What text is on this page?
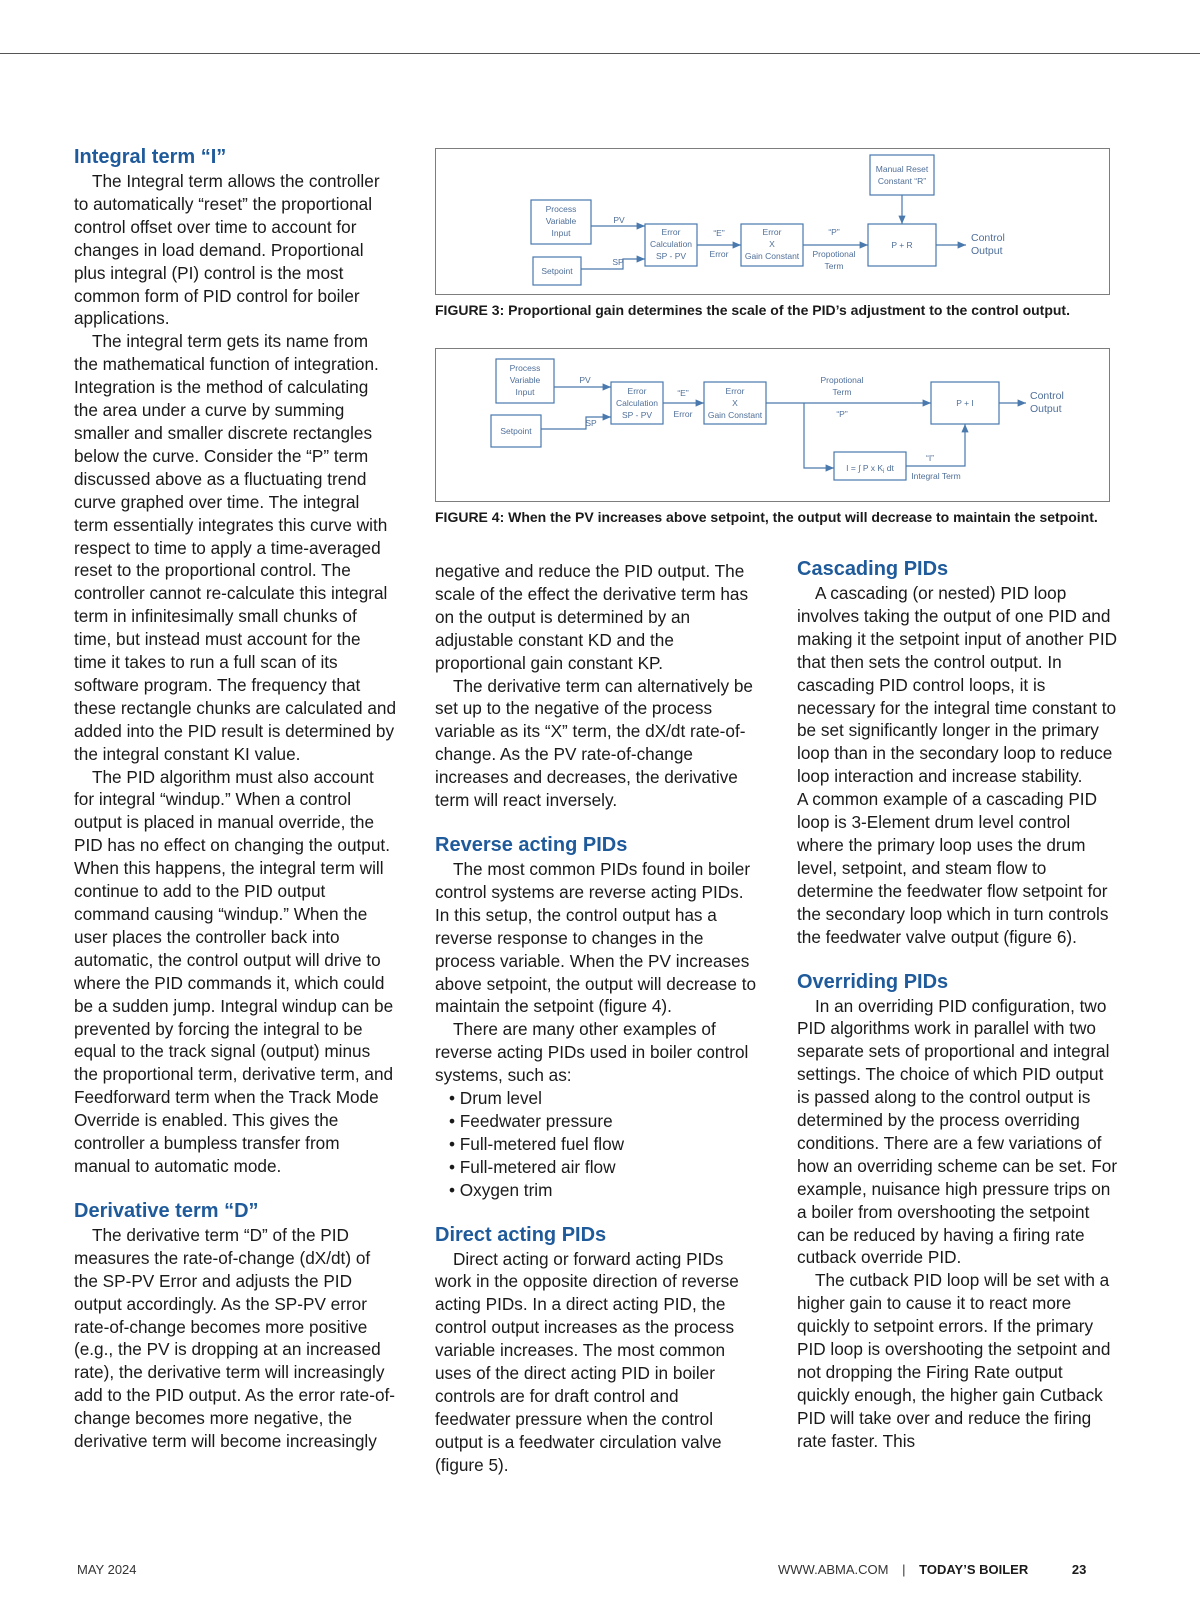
Integral term “I”

The Integral term allows the controller to automatically “reset” the proportional control offset over time to account for changes in load demand. Proportional plus integral (PI) control is the most common form of PID control for boiler applications.

The integral term gets its name from the mathematical function of integration. Integration is the method of calculating the area under a curve by summing smaller and smaller discrete rectangles below the curve. Consider the “P” term discussed above as a fluctuating trend curve graphed over time. The integral term essentially integrates this curve with respect to time to apply a time-averaged reset to the proportional control. The controller cannot re-calculate this integral term in infinitesimally small chunks of time, but instead must account for the time it takes to run a full scan of its software program. The frequency that these rectangle chunks are calculated and added into the PID result is determined by the integral constant KI value.

The PID algorithm must also account for integral “windup.” When a control output is placed in manual override, the PID has no effect on changing the output. When this happens, the integral term will continue to add to the PID output command causing “windup.” When the user places the controller back into automatic, the control output will drive to where the PID commands it, which could be a sudden jump. Integral windup can be prevented by forcing the integral to be equal to the track signal (output) minus the proportional term, derivative term, and Feedforward term when the Track Mode Override is enabled. This gives the controller a bumpless transfer from manual to automatic mode.

Derivative term “D”

The derivative term “D” of the PID measures the rate-of-change (dX/dt) of the SP-PV Error and adjusts the PID output accordingly. As the SP-PV error rate-of-change becomes more positive (e.g., the PV is dropping at an increased rate), the derivative term will increasingly add to the PID output. As the error rate-of-change becomes more negative, the derivative term will become increasingly

Process
Variable
Input
Setpoint
PV
SP
Error
Calculation
SP - PV
“E”
Error
Error
X
Gain Constant
“P”
Propotional
Term
P + R
Manual Reset
Constant “R”
Control
Output
FIGURE 3: Proportional gain determines the scale of the PID’s adjustment to the control output.
Process
Variable
Input
Setpoint
PV
SP
Error
Calculation
SP - PV
“E”
Error
Error
X
Gain Constant
Propotional
Term
“P”
P + I
I = ∫ P x $K_i$ dt
“I”
Integral Term
Control
Output
FIGURE 4: When the PV increases above setpoint, the output will decrease to maintain the setpoint.

negative and reduce the PID output. The scale of the effect the derivative term has on the output is determined by an adjustable constant KD and the proportional gain constant KP.

The derivative term can alternatively be set up to the negative of the process variable as its “X” term, the dX/dt rate-of-change. As the PV rate-of-change increases and decreases, the derivative term will react inversely.

Reverse acting PIDs

The most common PIDs found in boiler control systems are reverse acting PIDs. In this setup, the control output has a reverse response to changes in the process variable. When the PV increases above setpoint, the output will decrease to maintain the setpoint (figure 4).

There are many other examples of reverse acting PIDs used in boiler control systems, such as:

• Drum level
• Feedwater pressure
• Full-metered fuel flow
• Full-metered air flow
• Oxygen trim
Direct acting PIDs

Direct acting or forward acting PIDs work in the opposite direction of reverse acting PIDs. In a direct acting PID, the control output increases as the process variable increases. The most common uses of the direct acting PID in boiler controls are for draft control and feedwater pressure when the control output is a feedwater circulation valve (figure 5).

Cascading PIDs

A cascading (or nested) PID loop involves taking the output of one PID and making it the setpoint input of another PID that then sets the control output. In cascading PID control loops, it is necessary for the integral time constant to be set significantly longer in the primary loop than in the secondary loop to reduce loop interaction and increase stability.

A common example of a cascading PID loop is 3-Element drum level control where the primary loop uses the drum level, setpoint, and steam flow to determine the feedwater flow setpoint for the secondary loop which in turn controls the feedwater valve output (figure 6).

Overriding PIDs

In an overriding PID configuration, two PID algorithms work in parallel with two separate sets of proportional and integral settings. The choice of which PID output is passed along to the control output is determined by the process overriding conditions. There are a few variations of how an overriding scheme can be set. For example, nuisance high pressure trips on a boiler from overshooting the setpoint can be reduced by having a firing rate cutback override PID.

The cutback PID loop will be set with a higher gain to cause it to react more quickly to setpoint errors. If the primary PID loop is overshooting the setpoint and not dropping the Firing Rate output quickly enough, the higher gain Cutback PID will take over and reduce the firing rate faster. This

MAY 2024	WWW.ABMA.COM | TODAY’S BOILER	23
